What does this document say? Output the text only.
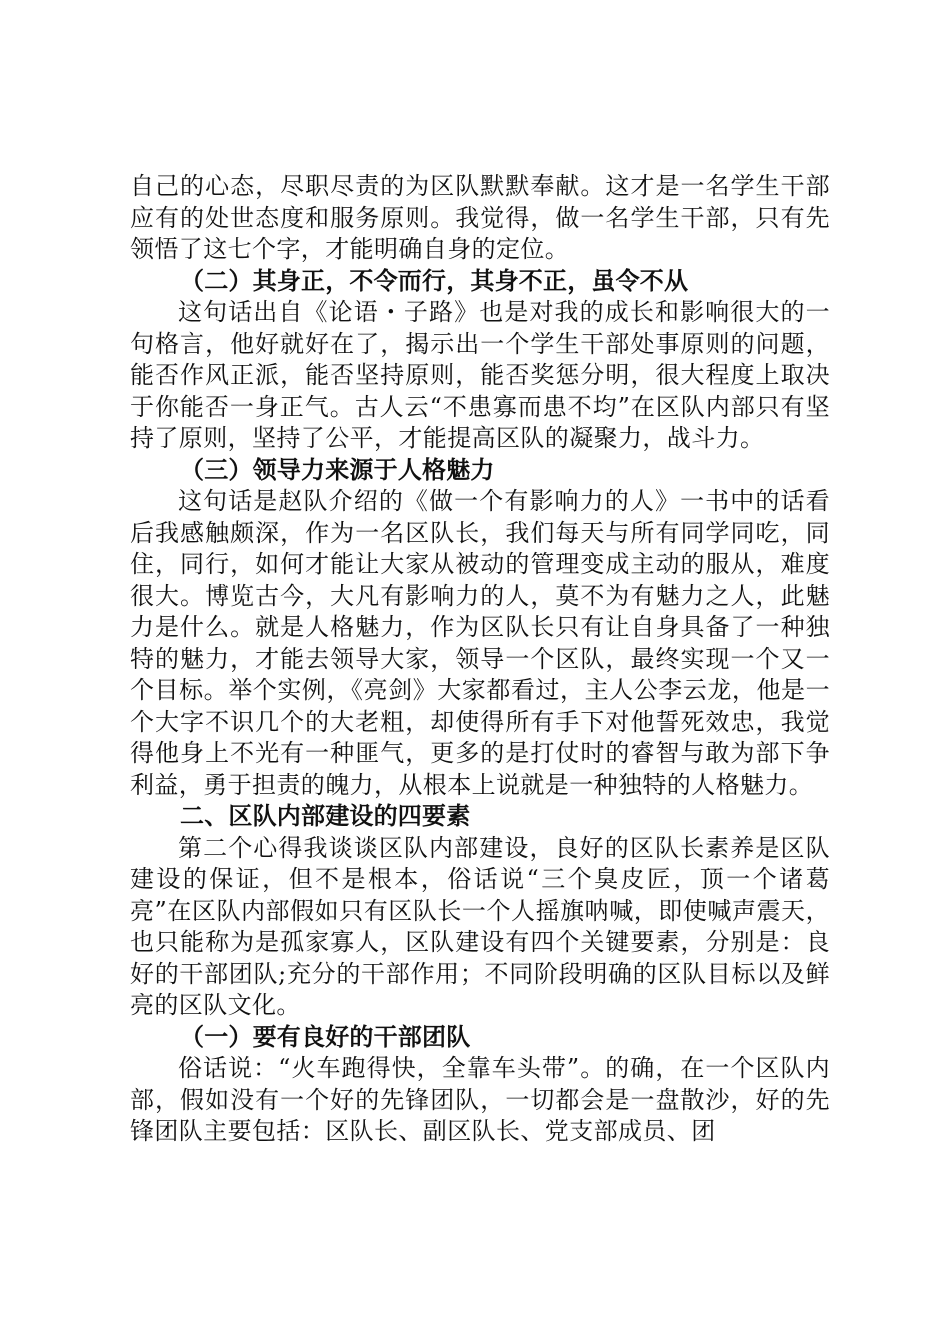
自己的心态，尽职尽责的为区队默默奉献。这才是一名学生干部应有的处世态度和服务原则。我觉得，做一名学生干部，只有先领悟了这七个字，才能明确自身的定位。

（二）其身正，不令而行，其身不正，虽令不从

这句话出自《论语・子路》也是对我的成长和影响很大的一句格言，他好就好在了，揭示出一个学生干部处事原则的问题，能否作风正派，能否坚持原则，能否奖惩分明，很大程度上取决于你能否一身正气。古人云“不患寡而患不均”在区队内部只有坚持了原则，坚持了公平，才能提高区队的凝聚力，战斗力。

（三）领导力来源于人格魅力

这句话是赵队介绍的《做一个有影响力的人》一书中的话看后我感触颇深，作为一名区队长，我们每天与所有同学同吃，同住，同行，如何才能让大家从被动的管理变成主动的服从，难度很大。博览古今，大凡有影响力的人，莫不为有魅力之人，此魅力是什么。就是人格魅力，作为区队长只有让自身具备了一种独特的魅力，才能去领导大家，领导一个区队，最终实现一个又一个目标。举个实例，《亮剑》大家都看过，主人公李云龙，他是一个大字不识几个的大老粗，却使得所有手下对他誓死效忠，我觉得他身上不光有一种匪气，更多的是打仗时的睿智与敢为部下争利益，勇于担责的魄力，从根本上说就是一种独特的人格魅力。

二、区队内部建设的四要素

第二个心得我谈谈区队内部建设，良好的区队长素养是区队建设的保证，但不是根本，俗话说“三个臭皮匠，顶一个诸葛亮”在区队内部假如只有区队长一个人摇旗呐喊，即使喊声震天，也只能称为是孤家寡人，区队建设有四个关键要素，分别是：良好的干部团队;充分的干部作用；不同阶段明确的区队目标以及鲜亮的区队文化。

（一）要有良好的干部团队

俗话说：“火车跑得快，全靠车头带”。的确，在一个区队内部，假如没有一个好的先锋团队，一切都会是一盘散沙，好的先锋团队主要包括：区队长、副区队长、党支部成员、团
